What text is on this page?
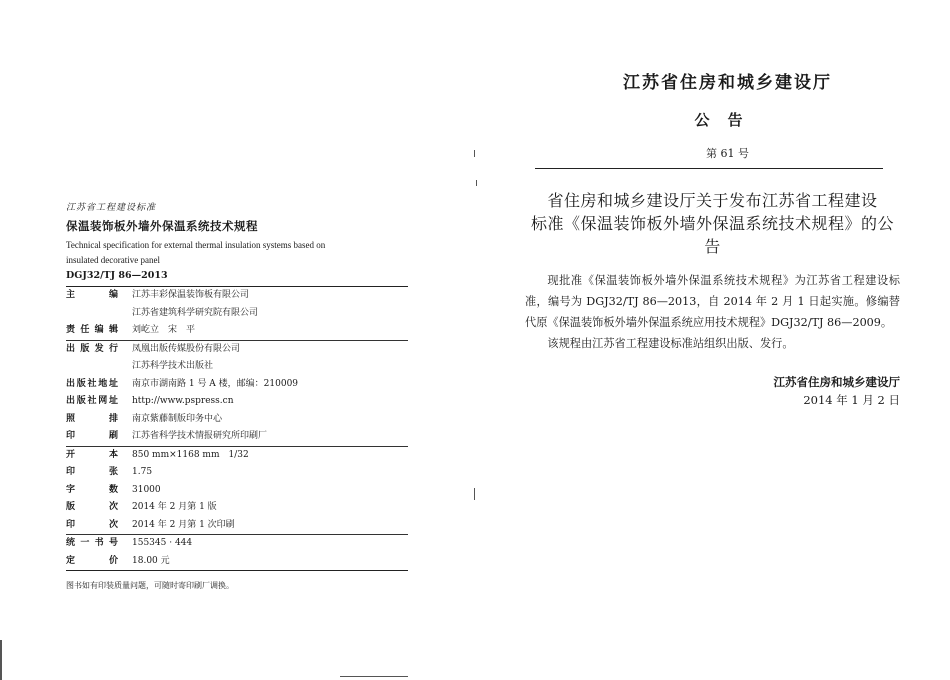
江苏省工程建设标准
保温装饰板外墙外保温系统技术规程
Technical specification for external thermal insulation systems based on
insulated decorative panel
DGJ32/TJ 86—2013
主　　编 江苏丰彩保温装饰板有限公司
江苏省建筑科学研究院有限公司
责任编辑 刘屹立　宋　平
出版发行 凤凰出版传媒股份有限公司
江苏科学技术出版社
出版社地址 南京市湖南路 1 号 A 楼，邮编：210009
出版社网址 http://www.pspress.cn
照　　排 南京紫藤制版印务中心
印　　刷 江苏省科学技术情报研究所印刷厂
开　　本 850 mm×1168 mm　1/32
印　　张 1.75
字　　数 31000
版　　次 2014 年 2 月第 1 版
印　　次 2014 年 2 月第 1 次印刷
统一书号 155345 · 444
定　　价 18.00 元
图书如有印装质量问题，可随时寄印刷厂调换。
江苏省住房和城乡建设厅
公告
第 61 号
省住房和城乡建设厅关于发布江苏省工程建设
标准《保温装饰板外墙外保温系统技术规程》的公告

现批准《保温装饰板外墙外保温系统技术规程》为江苏省工程建设标准，编号为 DGJ32/TJ 86—2013，自 2014 年 2 月 1 日起实施。修编替代原《保温装饰板外墙外保温系统应用技术规程》DGJ32/TJ 86—2009。

该规程由江苏省工程建设标准站组织出版、发行。

江苏省住房和城乡建设厅
2014 年 1 月 2 日
